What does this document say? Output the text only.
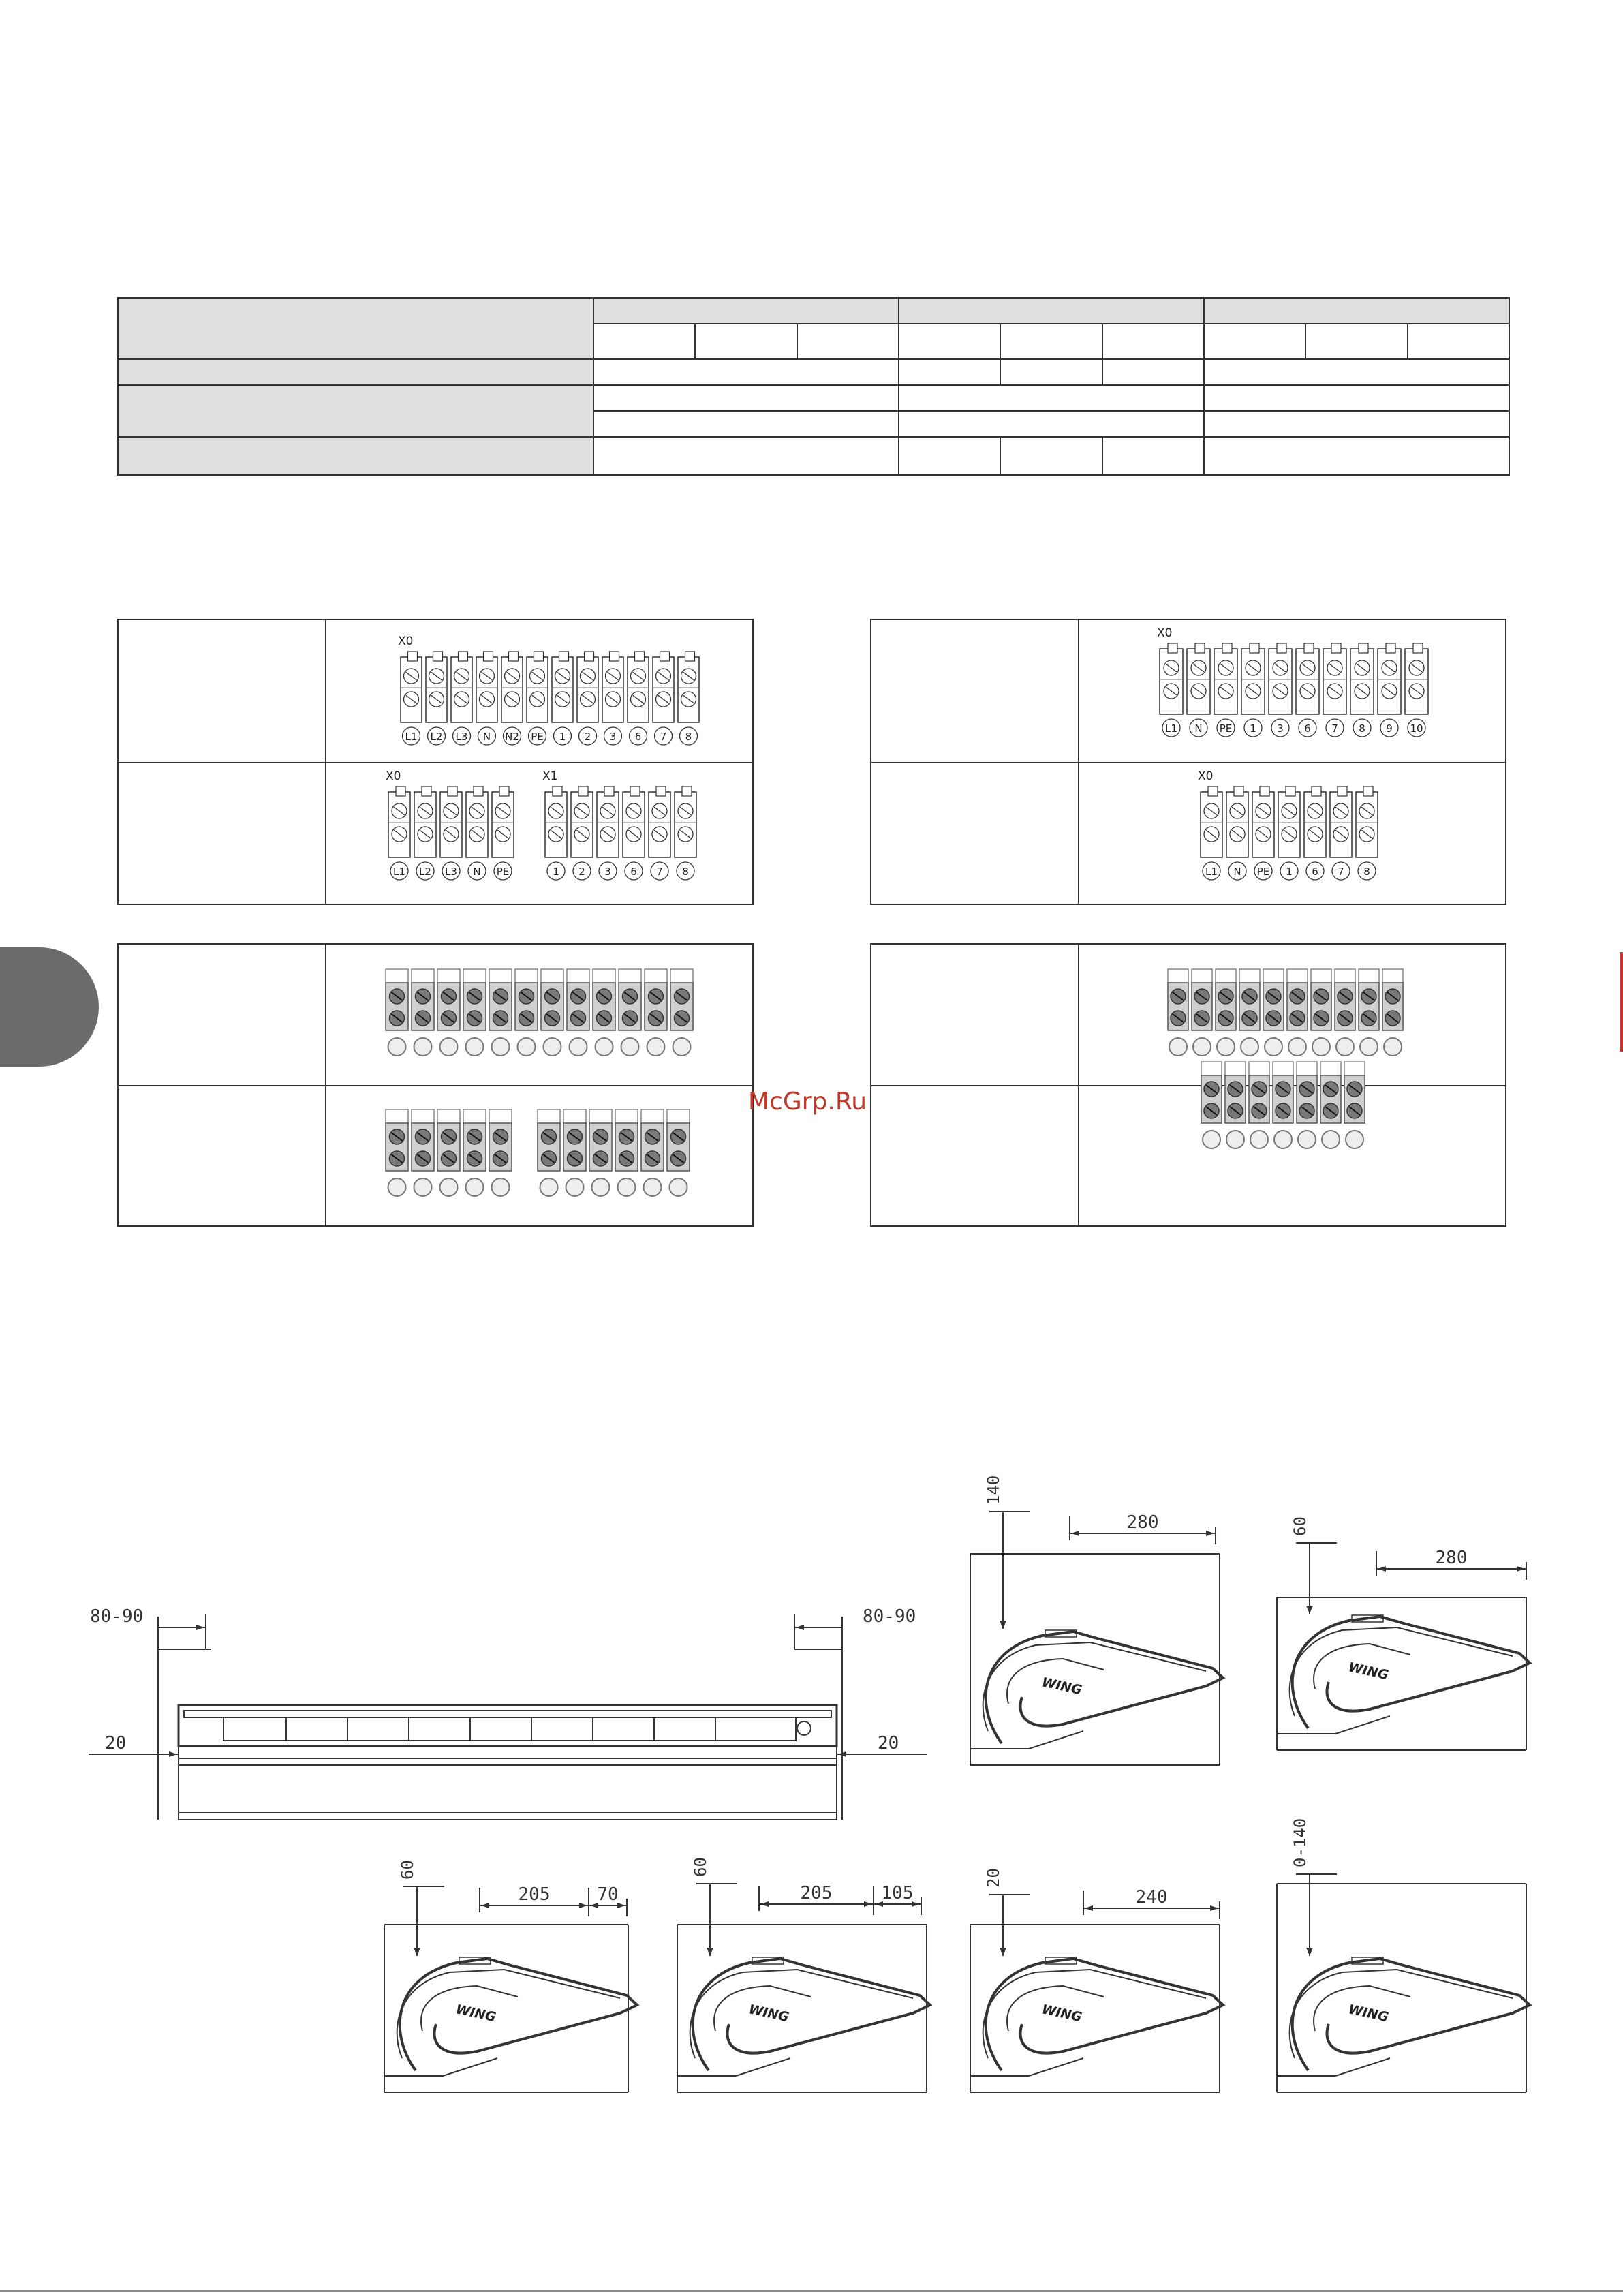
X0
L1 L2 L3 N N2 PE 1 2 3 6 7 8
X0
L1 L2 L3 N PE
X1
1 2 3 6 7 8
X0
L1 N PE 1 3 6 7 8 9 10
X0
L1 N PE 1 6 7 8
McGrp.Ru
80-90	80-90
20	20
WING
140
280
WING
60
280
WING
60
205	70
WING
60
205	105
WING
20
240
WING
0-140
